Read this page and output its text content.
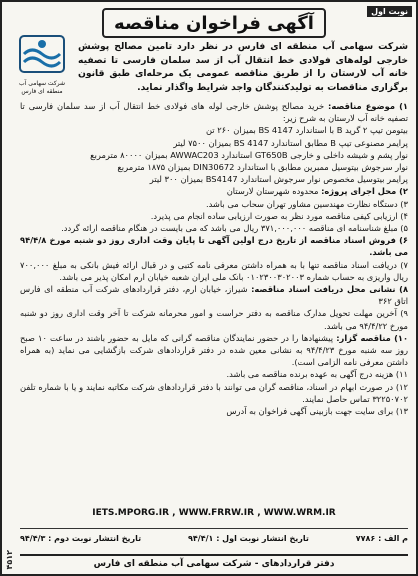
نوبت اول
آگهی فراخوان مناقصه
شرکت سهامی آب منطقه ای فارس
شرکت سهامی آب منطقه ای فارس در نظر دارد تامین مصالح پوشش خارجی لوله‌های فولادی خط انتقال آب از سد سلمان فارسی تا تصفیه خانه آب لارستان را از طریق مناقصه عمومی یک مرحله‌ای طبق قانون برگزاری مناقصات به تولیدکنندگان واجد شرایط واگذار نماید.

۱) موضوع مناقصه: خرید مصالح پوشش خارجی لوله های فولادی خط انتقال آب از سد سلمان فارسی تا تصفیه خانه آب لارستان به شرح زیر:

بیتومن تیپ ۲ گرید B با استاندارد BS 4147 بمیزان ۲۶۰ تن

پرایمر مصنوعی تیپ B مطابق استاندارد BS 4147 بمیزان ۷۵۰۰ لیتر

نوار پشم و شیشه داخلی و خارجی GT650B استاندارد AWWAC203 بمیزان ۸۰۰۰۰ مترمربع

نوار سرجوش بیتوسیل ممبرین مطابق با استاندارد DIN30672 بمیزان ۱۸۷۵ مترمربع

پرایمر بیتوسیل مخصوص نوار سرجوش استاندارد BS4147 بمیزان ۳۰۰ لیتر

۲) محل اجرای پروژه: محدوده شهرستان لارستان

۳) دستگاه نظارت مهندسین مشاور تهران سحاب می باشد.

۴) ارزیابی کیفی مناقصه مورد نظر به صورت ارزیابی ساده انجام می پذیرد.

۵) مبلغ شناسنامه ای مناقصه ۳۷۱,۰۰۰,۰۰۰ ریال می باشد که می بایست در هنگام مناقصه ارائه گردد.

۶) فروش اسناد مناقصه از تاریخ درج اولین آگهی تا پایان وقت اداری روز دو شنبه مورخ ۹۴/۴/۸ می باشد.

۷) دریافت اسناد مناقصه تنها با به همراه داشتن معرفی نامه کتبی و در قبال ارائه فیش بانکی به مبلغ ۷۰۰,۰۰۰ ریال واریزی به حساب شماره ۰۱۰۲۳۰۰۳۰۲۰۰۳ بانک ملی ایران شعبه خیابان ارم امکان پذیر می باشد.

۸) نشانی محل دریافت اسناد مناقصه: شیراز، خیابان ارم، دفتر قراردادهای شرکت آب منطقه ای فارس اتاق ۳۶۲

۹) آخرین مهلت تحویل مدارک مناقصه به دفتر حراست و امور محرمانه شرکت تا آخر وقت اداری روز دو شنبه مورخ ۹۴/۴/۲۲ می باشد.

۱۰) مناقصه گزار: پیشنهادها را در حضور نمایندگان مناقصه گرانی که مایل به حضور باشند در ساعت ۱۰ صبح روز سه شنبه مورخ ۹۴/۴/۲۳ به نشانی معین شده در دفتر قراردادهای شرکت بازگشایی می نماید (به همراه داشتن معرفی نامه الزامی است).

۱۱) هزینه درج آگهی به عهده برنده مناقصه می باشد.

۱۲) در صورت ابهام در اسناد، مناقصه گران می توانند با دفتر قراردادهای شرکت مکاتبه نمایند و یا با شماره تلفن ۳۲۲۵۰۷۰۲ تماس حاصل نمایند.

۱۳) برای سایت جهت بازبینی آگهی فراخوان به آدرس

IETS.MPORG.IR , WWW.FRRW.IR , WWW.WRM.IR
م الف : ۷۷۸۶
تاریخ انتشار نوبت اول : ۹۴/۴/۱
تاریخ انتشار نوبت دوم : ۹۴/۴/۳
دفتر قراردادهای - شرکت سهامی آب منطقه ای فارس
۴۵۱۲
